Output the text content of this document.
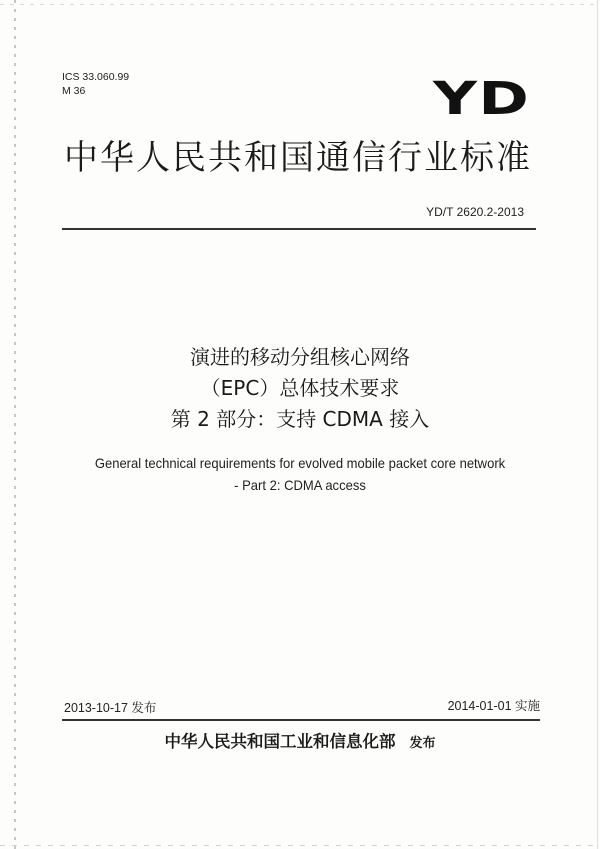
ICS 33.060.99
M 36	YD
中华人民共和国通信行业标准
YD/T 2620.2-2013
演进的移动分组核心网络
（EPC）总体技术要求
第 2 部分：支持 CDMA 接入
General technical requirements for evolved mobile packet core network
- Part 2: CDMA access
2013-10-17 发布	2014-01-01 实施
中华人民共和国工业和信息化部 发布
